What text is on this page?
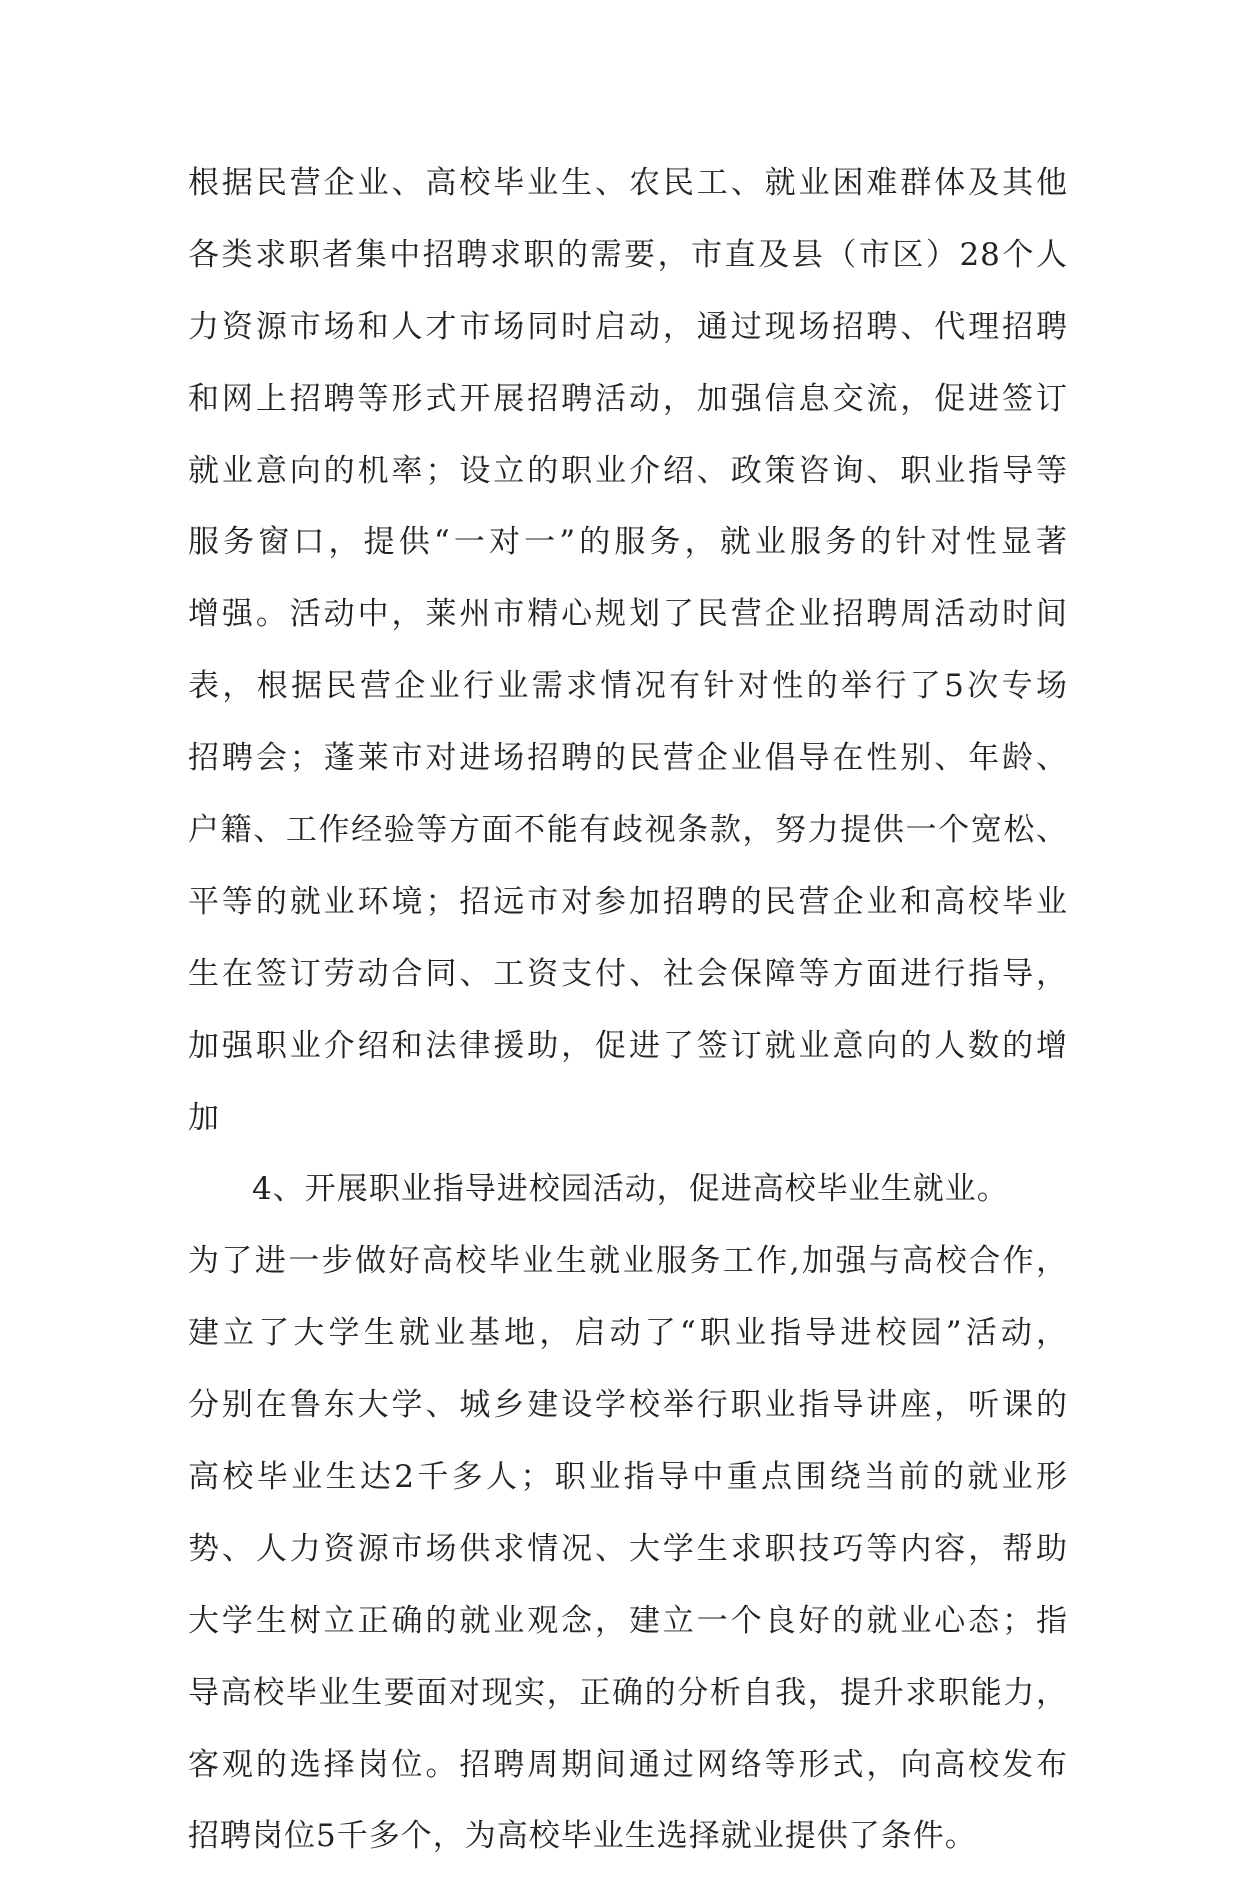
根据民营企业、高校毕业生、农民工、就业困难群体及其他
各类求职者集中招聘求职的需要，市直及县（市区）28个人
力资源市场和人才市场同时启动，通过现场招聘、代理招聘
和网上招聘等形式开展招聘活动，加强信息交流，促进签订
就业意向的机率；设立的职业介绍、政策咨询、职业指导等
服务窗口，提供“一对一”的服务，就业服务的针对性显著
增强。活动中，莱州市精心规划了民营企业招聘周活动时间
表，根据民营企业行业需求情况有针对性的举行了5次专场
招聘会；蓬莱市对进场招聘的民营企业倡导在性别、年龄、
户籍、工作经验等方面不能有歧视条款，努力提供一个宽松、
平等的就业环境；招远市对参加招聘的民营企业和高校毕业
生在签订劳动合同、工资支付、社会保障等方面进行指导，
加强职业介绍和法律援助，促进了签订就业意向的人数的增
加
4、开展职业指导进校园活动，促进高校毕业生就业。
为了进一步做好高校毕业生就业服务工作,加强与高校合作，
建立了大学生就业基地，启动了“职业指导进校园”活动，
分别在鲁东大学、城乡建设学校举行职业指导讲座，听课的
高校毕业生达2千多人；职业指导中重点围绕当前的就业形
势、人力资源市场供求情况、大学生求职技巧等内容，帮助
大学生树立正确的就业观念，建立一个良好的就业心态；指
导高校毕业生要面对现实，正确的分析自我，提升求职能力，
客观的选择岗位。招聘周期间通过网络等形式，向高校发布
招聘岗位5千多个，为高校毕业生选择就业提供了条件。
